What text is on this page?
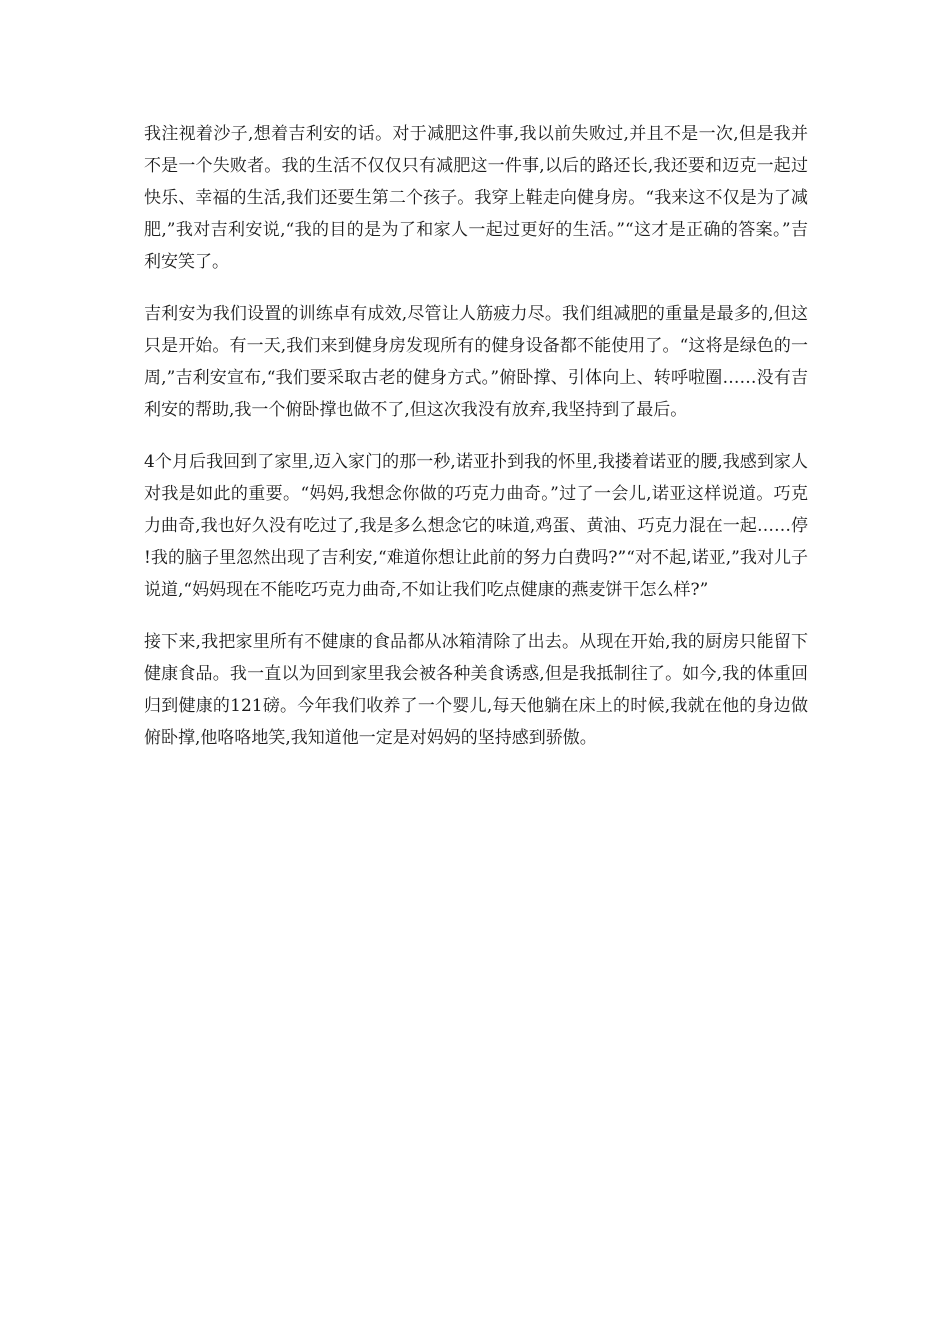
我注视着沙子,想着吉利安的话。对于减肥这件事,我以前失败过,并且不是一次,但是我并不是一个失败者。我的生活不仅仅只有减肥这一件事,以后的路还长,我还要和迈克一起过快乐、幸福的生活,我们还要生第二个孩子。我穿上鞋走向健身房。“我来这不仅是为了减肥,”我对吉利安说,“我的目的是为了和家人一起过更好的生活。”“这才是正确的答案。”吉利安笑了。

吉利安为我们设置的训练卓有成效,尽管让人筋疲力尽。我们组减肥的重量是最多的,但这只是开始。有一天,我们来到健身房发现所有的健身设备都不能使用了。“这将是绿色的一周,”吉利安宣布,“我们要采取古老的健身方式。”俯卧撑、引体向上、转呼啦圈……没有吉利安的帮助,我一个俯卧撑也做不了,但这次我没有放弃,我坚持到了最后。

4个月后我回到了家里,迈入家门的那一秒,诺亚扑到我的怀里,我搂着诺亚的腰,我感到家人对我是如此的重要。“妈妈,我想念你做的巧克力曲奇。”过了一会儿,诺亚这样说道。巧克力曲奇,我也好久没有吃过了,我是多么想念它的味道,鸡蛋、黄油、巧克力混在一起……停!我的脑子里忽然出现了吉利安,“难道你想让此前的努力白费吗?”“对不起,诺亚,”我对儿子说道,“妈妈现在不能吃巧克力曲奇,不如让我们吃点健康的燕麦饼干怎么样?”

接下来,我把家里所有不健康的食品都从冰箱清除了出去。从现在开始,我的厨房只能留下健康食品。我一直以为回到家里我会被各种美食诱惑,但是我抵制往了。如今,我的体重回归到健康的121磅。今年我们收养了一个婴儿,每天他躺在床上的时候,我就在他的身边做俯卧撑,他咯咯地笑,我知道他一定是对妈妈的坚持感到骄傲。
